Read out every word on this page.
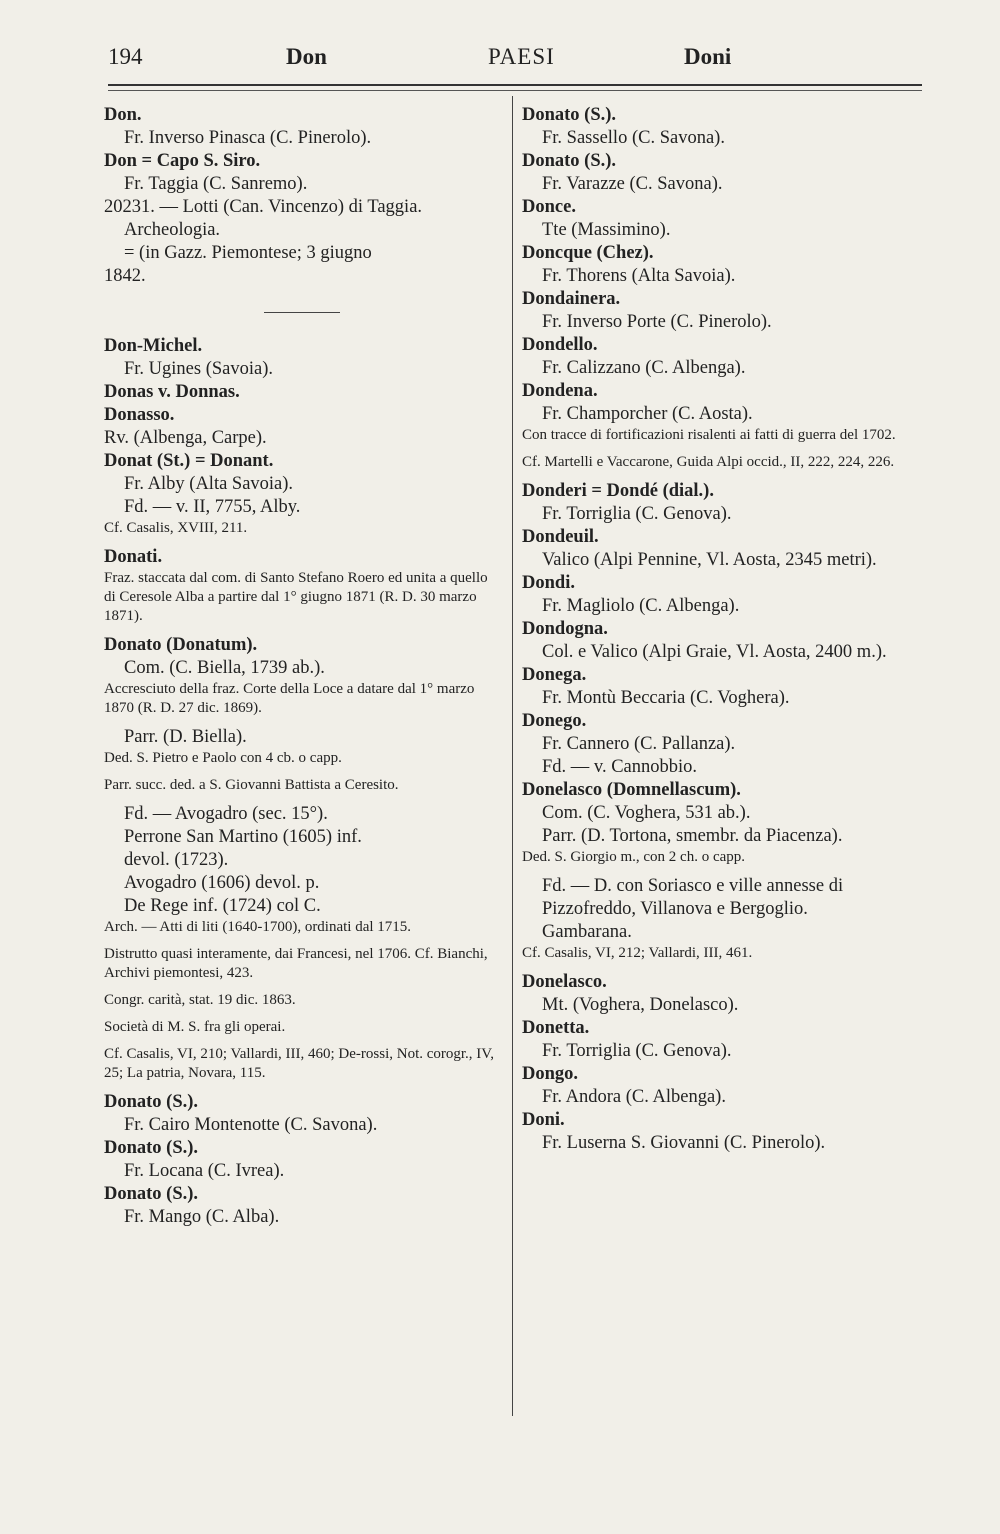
194	Don	PAESI	Doni

Don.

Fr. Inverso Pinasca (C. Pinerolo).

Don = Capo S. Siro.

Fr. Taggia (C. Sanremo).

20231. — Lotti (Can. Vincenzo) di Taggia.

Archeologia.

= (in Gazz. Piemontese; 3 giugno

1842.

Don-Michel.

Fr. Ugines (Savoia).

Donas v. Donnas.

Donasso.

Rv. (Albenga, Carpe).

Donat (St.) = Donant.

Fr. Alby (Alta Savoia).

Fd. — v. II, 7755, Alby.

Cf. Casalis, XVIII, 211.

Donati.

Fraz. staccata dal com. di Santo Stefano Roero ed unita a quello di Ceresole Alba a partire dal 1° giugno 1871 (R. D. 30 marzo 1871).

Donato (Donatum).

Com. (C. Biella, 1739 ab.).

Accresciuto della fraz. Corte della Loce a datare dal 1° marzo 1870 (R. D. 27 dic. 1869).

Parr. (D. Biella).

Ded. S. Pietro e Paolo con 4 cb. o capp.

Parr. succ. ded. a S. Giovanni Battista a Ceresito.

Fd. — Avogadro (sec. 15°).

Perrone San Martino (1605) inf.

devol. (1723).

Avogadro (1606) devol. p.

De Rege inf. (1724) col C.

Arch. — Atti di liti (1640-1700), ordinati dal 1715.

Distrutto quasi interamente, dai Francesi, nel 1706. Cf. Bianchi, Archivi piemontesi, 423.

Congr. carità, stat. 19 dic. 1863.

Società di M. S. fra gli operai.

Cf. Casalis, VI, 210; Vallardi, III, 460; De-rossi, Not. corogr., IV, 25; La patria, Novara, 115.

Donato (S.).

Fr. Cairo Montenotte (C. Savona).

Donato (S.).

Fr. Locana (C. Ivrea).

Donato (S.).

Fr. Mango (C. Alba).

Donato (S.).

Fr. Sassello (C. Savona).

Donato (S.).

Fr. Varazze (C. Savona).

Donce.

Tte (Massimino).

Doncque (Chez).

Fr. Thorens (Alta Savoia).

Dondainera.

Fr. Inverso Porte (C. Pinerolo).

Dondello.

Fr. Calizzano (C. Albenga).

Dondena.

Fr. Champorcher (C. Aosta).

Con tracce di fortificazioni risalenti ai fatti di guerra del 1702.

Cf. Martelli e Vaccarone, Guida Alpi occid., II, 222, 224, 226.

Donderi = Dondé (dial.).

Fr. Torriglia (C. Genova).

Dondeuil.

Valico (Alpi Pennine, Vl. Aosta, 2345 metri).

Dondi.

Fr. Magliolo (C. Albenga).

Dondogna.

Col. e Valico (Alpi Graie, Vl. Aosta, 2400 m.).

Donega.

Fr. Montù Beccaria (C. Voghera).

Donego.

Fr. Cannero (C. Pallanza).

Fd. — v. Cannobbio.

Donelasco (Domnellascum).

Com. (C. Voghera, 531 ab.).

Parr. (D. Tortona, smembr. da Piacenza).

Ded. S. Giorgio m., con 2 ch. o capp.

Fd. — D. con Soriasco e ville annesse di Pizzofreddo, Villanova e Bergoglio.

Gambarana.

Cf. Casalis, VI, 212; Vallardi, III, 461.

Donelasco.

Mt. (Voghera, Donelasco).

Donetta.

Fr. Torriglia (C. Genova).

Dongo.

Fr. Andora (C. Albenga).

Doni.

Fr. Luserna S. Giovanni (C. Pinerolo).
